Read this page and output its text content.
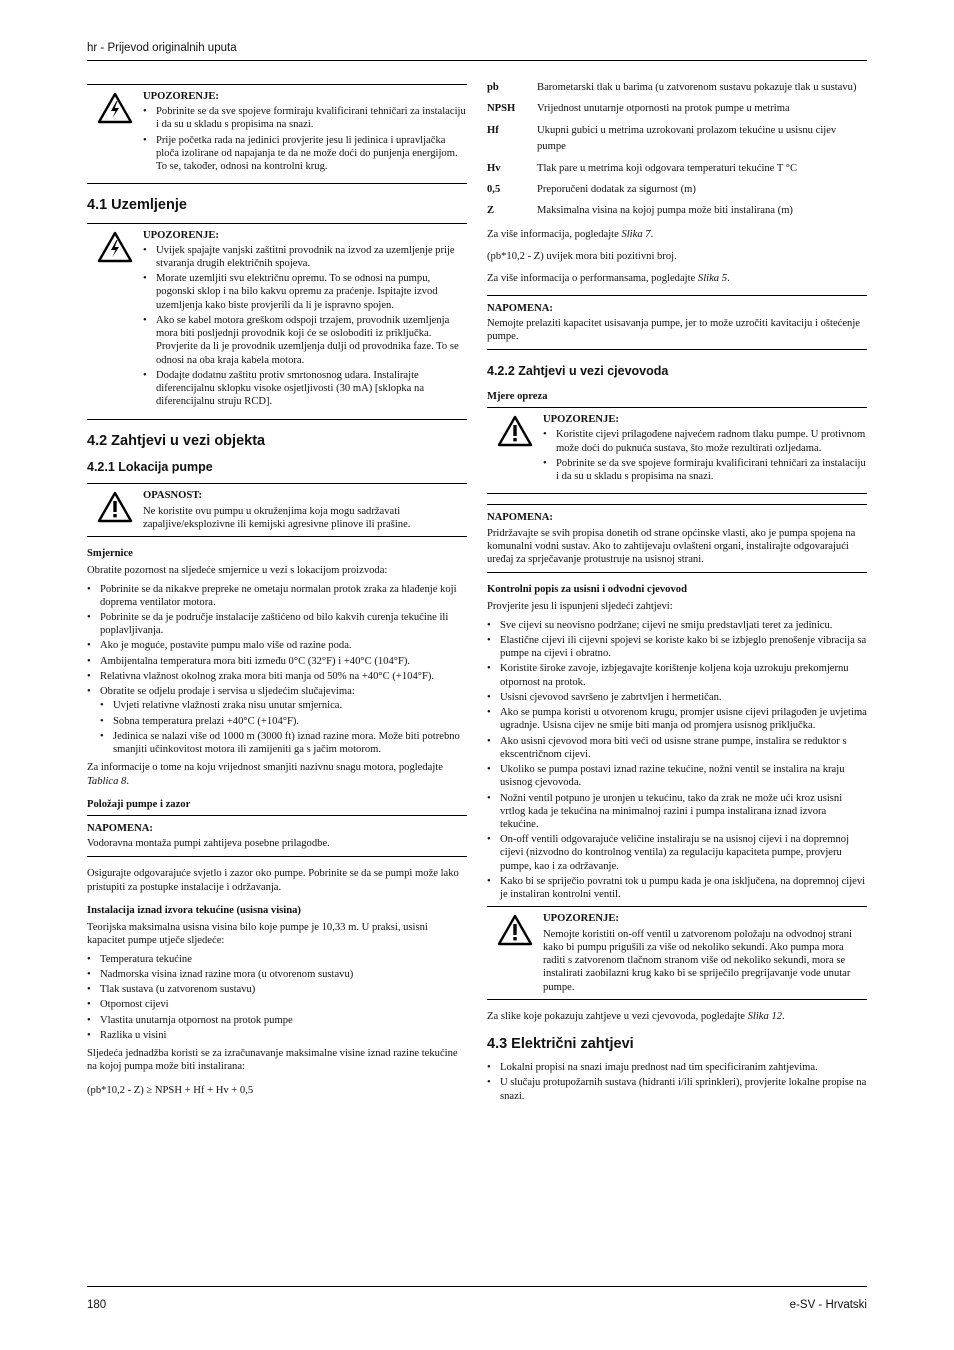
hr - Prijevod originalnih uputa
UPOZORENJE:
• Pobrinite se da sve spojeve formiraju kvalificirani tehničari za instalaciju i da su u skladu s propisima na snazi.
• Prije početka rada na jedinici provjerite jesu li jedinica i upravljačka ploča izolirane od napajanja te da ne može doći do punjenja energijom. To se, također, odnosi na kontrolni krug.
4.1 Uzemljenje
UPOZORENJE:
• Uvijek spajajte vanjski zaštitni provodnik na izvod za uzemljenje prije stvaranja drugih električnih spojeva.
• Morate uzemljiti svu električnu opremu. To se odnosi na pumpu, pogonski sklop i na bilo kakvu opremu za praćenje. Ispitajte izvod uzemljenja kako biste provjerili da li je ispravno spojen.
• Ako se kabel motora greškom odspoji trzajem, provodnik uzemljenja mora biti posljednji provodnik koji će se osloboditi iz priključka. Provjerite da li je provodnik uzemljenja dulji od provodnika faze. To se odnosi na oba kraja kabela motora.
• Dodajte dodatnu zaštitu protiv smrtonosnog udara. Instalirajte diferencijalnu sklopku visoke osjetljivosti (30 mA) [sklopka na diferencijalnu struju RCD].
4.2 Zahtjevi u vezi objekta
4.2.1 Lokacija pumpe
OPASNOST:
Ne koristite ovu pumpu u okruženjima koja mogu sadržavati zapaljive/eksplozivne ili kemijski agresivne plinove ili prašine.
Smjernice

Obratite pozornost na sljedeće smjernice u vezi s lokacijom proizvoda:

• Pobrinite se da nikakve prepreke ne ometaju normalan protok zraka za hlađenje koji doprema ventilator motora.
• Pobrinite se da je područje instalacije zaštićeno od bilo kakvih curenja tekućine ili poplavljivanja.
• Ako je moguće, postavite pumpu malo više od razine poda.
• Ambijentalna temperatura mora biti između 0°C (32°F) i +40°C (104°F).
• Relativna vlažnost okolnog zraka mora biti manja od 50% na +40°C (+104°F).
• Obratite se odjelu prodaje i servisa u sljedećim slučajevima:
• Uvjeti relativne vlažnosti zraka nisu unutar smjernica.
• Sobna temperatura prelazi +40°C (+104°F).
• Jedinica se nalazi više od 1000 m (3000 ft) iznad razine mora. Može biti potrebno smanjiti učinkovitost motora ili zamijeniti ga s jačim motorom.

Za informacije o tome na koju vrijednost smanjiti nazivnu snagu motora, pogledajte Tablica 8.

Položaji pumpe i zazor
NAPOMENA:
Vodoravna montaža pumpi zahtijeva posebne prilagodbe.

Osigurajte odgovarajuće svjetlo i zazor oko pumpe. Pobrinite se da se pumpi može lako pristupiti za postupke instalacije i održavanja.

Instalacija iznad izvora tekućine (usisna visina)

Teorijska maksimalna usisna visina bilo koje pumpe je 10,33 m. U praksi, usisni kapacitet pumpe utječe sljedeće:

• Temperatura tekućine
• Nadmorska visina iznad razine mora (u otvorenom sustavu)
• Tlak sustava (u zatvorenom sustavu)
• Otpornost cijevi
• Vlastita unutarnja otpornost na protok pumpe
• Razlika u visini

Sljedeća jednadžba koristi se za izračunavanje maksimalne visine iznad razine tekućine na kojoj pumpa može biti instalirana:

(pb*10,2 - Z) ≥ NPSH + Hf + Hv + 0,5

pb	Barometarski tlak u barima (u zatvorenom sustavu pokazuje tlak u sustavu)
NPSH	Vrijednost unutarnje otpornosti na protok pumpe u metrima
Hf	Ukupni gubici u metrima uzrokovani prolazom tekućine u usisnu cijev pumpe
Hv	Tlak pare u metrima koji odgovara temperaturi tekućine T °C
0,5	Preporučeni dodatak za sigurnost (m)
Z	Maksimalna visina na kojoj pumpa može biti instalirana (m)

Za više informacija, pogledajte Slika 7.

(pb*10,2 - Z) uvijek mora biti pozitivni broj.

Za više informacija o performansama, pogledajte Slika 5.

NAPOMENA:
Nemojte prelaziti kapacitet usisavanja pumpe, jer to može uzročiti kavitaciju i oštećenje pumpe.
4.2.2 Zahtjevi u vezi cjevovoda
Mjere opreza
UPOZORENJE:
• Koristite cijevi prilagođene najvećem radnom tlaku pumpe. U protivnom može doći do puknuća sustava, što može rezultirati ozljedama.
• Pobrinite se da sve spojeve formiraju kvalificirani tehničari za instalaciju i da su u skladu s propisima na snazi.
NAPOMENA:
Pridržavajte se svih propisa donetih od strane općinske vlasti, ako je pumpa spojena na komunalni vodni sustav. Ako to zahtijevaju ovlašteni organi, instalirajte odgovarajući uređaj za sprječavanje protustruje na usisnoj strani.
Kontrolni popis za usisni i odvodni cjevovod

Provjerite jesu li ispunjeni sljedeći zahtjevi:

• Sve cijevi su neovisno podržane; cijevi ne smiju predstavljati teret za jedinicu.
• Elastične cijevi ili cijevni spojevi se koriste kako bi se izbjeglo prenošenje vibracija sa pumpe na cijevi i obratno.
• Koristite široke zavoje, izbjegavajte korištenje koljena koja uzrokuju prekomjernu otpornost na protok.
• Usisni cjevovod savršeno je zabrtvljen i hermetičan.
• Ako se pumpa koristi u otvorenom krugu, promjer usisne cijevi prilagođen je uvjetima ugradnje. Usisna cijev ne smije biti manja od promjera usisnog priključka.
• Ako usisni cjevovod mora biti veći od usisne strane pumpe, instalira se reduktor s ekscentričnom cijevi.
• Ukoliko se pumpa postavi iznad razine tekućine, nožni ventil se instalira na kraju usisnog cjevovoda.
• Nožni ventil potpuno je uronjen u tekućinu, tako da zrak ne može ući kroz usisni vrtlog kada je tekućina na minimalnoj razini i pumpa instalirana iznad izvora tekućine.
• On-off ventili odgovarajuće veličine instaliraju se na usisnoj cijevi i na dopremnoj cijevi (nizvodno do kontrolnog ventila) za regulaciju kapaciteta pumpe, provjeru pumpe, kao i za održavanje.
• Kako bi se spriječio povratni tok u pumpu kada je ona isključena, na dopremnoj cijevi je instaliran kontrolni ventil.
UPOZORENJE:
Nemojte koristiti on-off ventil u zatvorenom položaju na odvodnoj strani kako bi pumpu prigušili za više od nekoliko sekundi. Ako pumpa mora raditi s zatvorenom tlačnom stranom više od nekoliko sekundi, mora se instalirati zaobilazni krug kako bi se spriječilo pregrijavanje vode unutar pumpe.

Za slike koje pokazuju zahtjeve u vezi cjevovoda, pogledajte Slika 12.

4.3 Električni zahtjevi
• Lokalni propisi na snazi imaju prednost nad tim specificiranim zahtjevima.
• U slučaju protupožarnih sustava (hidranti i/ili sprinkleri), provjerite lokalne propise na snazi.
180	e-SV - Hrvatski
